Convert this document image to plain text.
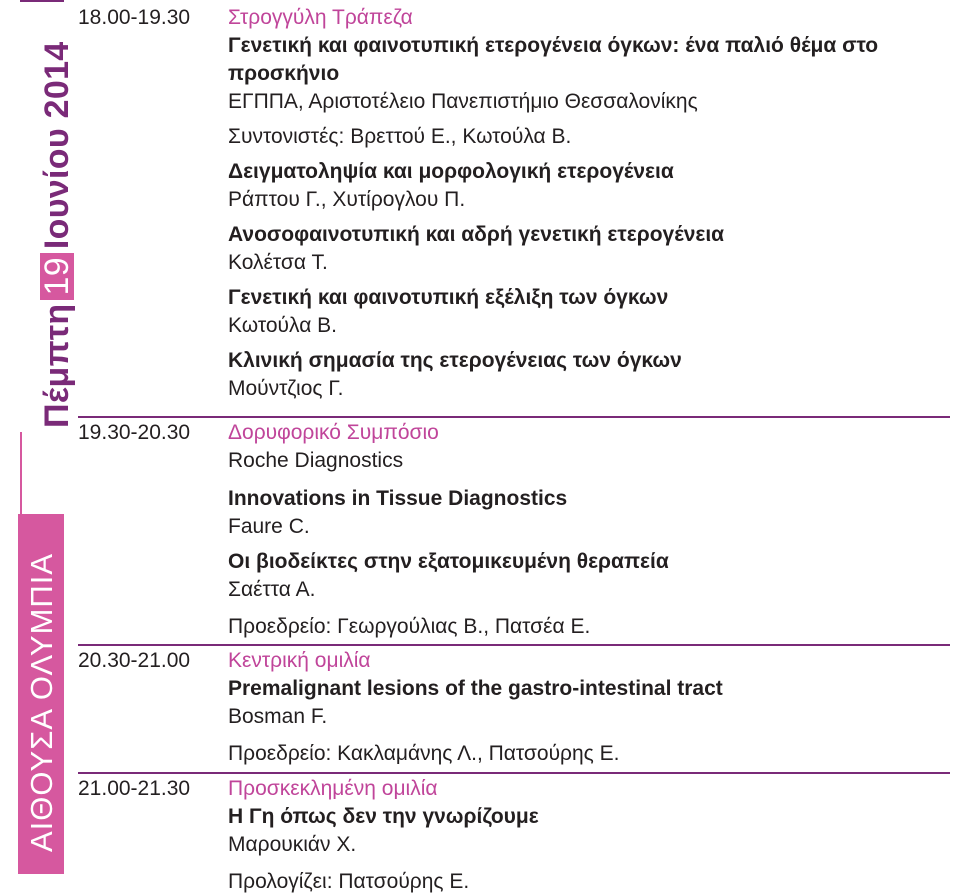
Πέμπτη19Ιουνίου 2014
ΑΙΘΟΥΣΑ ΟΛΥΜΠΙΑ
18.00-19.30 Στρογγύλη Τράπεζα

Γενετική και φαινοτυπική ετερογένεια όγκων: ένα παλιό θέμα στο προσκήνιο

ΕΓΠΠΑ, Αριστοτέλειο Πανεπιστήμιο Θεσσαλονίκης

Συντονιστές: Βρεττού Ε., Κωτούλα Β.

Δειγματοληψία και μορφολογική ετερογένεια

Ράπτου Γ., Χυτίρογλου Π.

Ανοσοφαινοτυπική και αδρή γενετική ετερογένεια

Κολέτσα Τ.

Γενετική και φαινοτυπική εξέλιξη των όγκων

Κωτούλα Β.

Κλινική σημασία της ετερογένειας των όγκων

Μούντζιος Γ.

19.30-20.30 Δορυφορικό Συμπόσιο

Roche Diagnostics

Innovations in Tissue Diagnostics

Faure C.

Οι βιοδείκτες στην εξατομικευμένη θεραπεία

Σαέττα Α.

Προεδρείο: Γεωργούλιας Β., Πατσέα Ε.

20.30-21.00 Κεντρική ομιλία

Premalignant lesions of the gastro-intestinal tract

Bosman F.

Προεδρείο: Κακλαμάνης Λ., Πατσούρης Ε.

21.00-21.30 Προσκεκλημένη ομιλία

Η Γη όπως δεν την γνωρίζουμε

Μαρουκιάν Χ.

Προλογίζει: Πατσούρης Ε.
